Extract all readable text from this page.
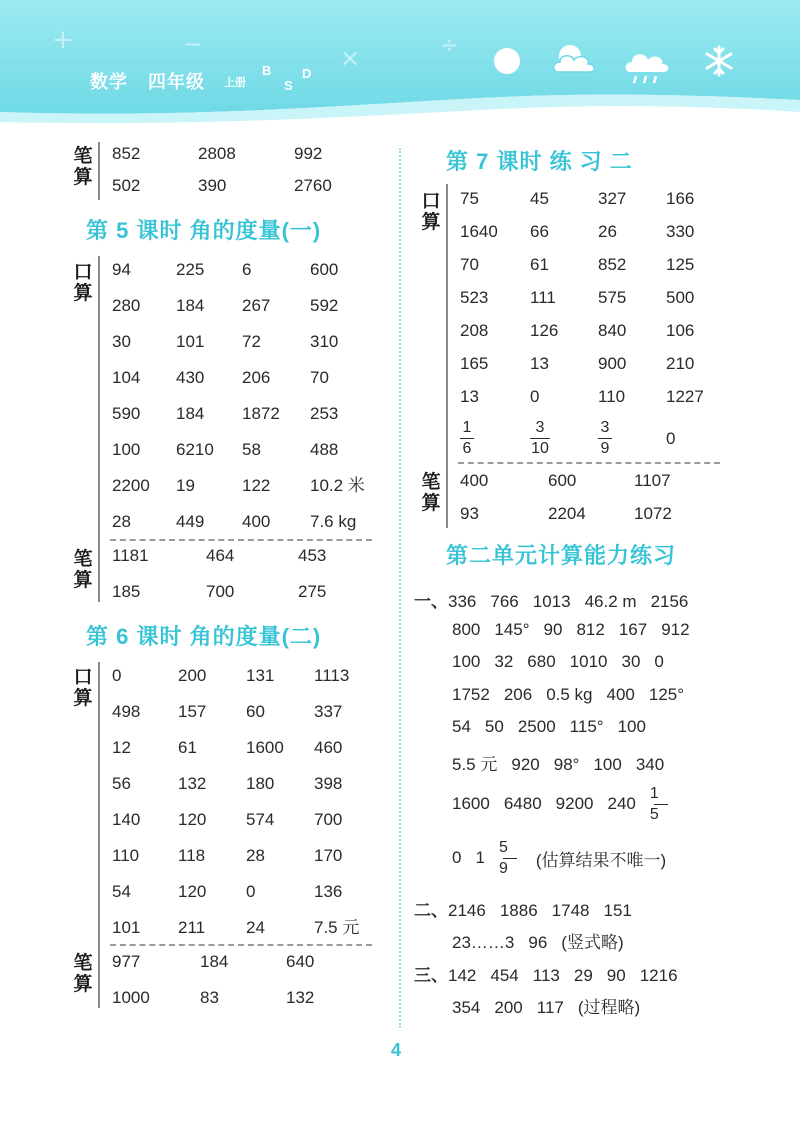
+	−	×	÷
数学 四年级 上册
B
S
D
笔算
852	2808	992
502	390	2760
第 5 课时 角的度量(一)
口算
94	225	6	600
280	184	267	592
30	101	72	310
104	430	206	70
590	184	1872	253
100	6210	58	488
2200	19	122	10.2 米
28	449	400	7.6 kg
笔算
1181	464	453
185	700	275
第 6 课时 角的度量(二)
口算
0	200	131	1113
498	157	60	337
12	61	1600	460
56	132	180	398
140	120	574	700
110	118	28	170
54	120	0	136
101	211	24	7.5 元
笔算
977	184	640
1000	83	132
第 7 课时 练 习 二
口算
75	45	327	166
1640	66	26	330
70	61	852	125
523	111	575	500
208	126	840	106
165	13	900	210
13	0	110	1227
$\frac{1}{6}$	$\frac{3}{10}$	$\frac{3}{9}$	0
笔算
400	600	1107
93	2204	1072
第二单元计算能力练习
一、336 766 1013 46.2 m 2156
800 145° 90 812 167 912
100 32 680 1010 30 0
1752 206 0.5 kg 400 125°
54 50 2500 115° 100
5.5 元 920 98° 100 340
1600 6480 9200 $240 \frac{1}{5}$
0 $1 \frac{5}{9}$ (估算结果不唯一)
二、2146 1886 1748 151
23……3 96 (竖式略)
三、142 454 113 29 90 1216
354 200 117 (过程略)
4
